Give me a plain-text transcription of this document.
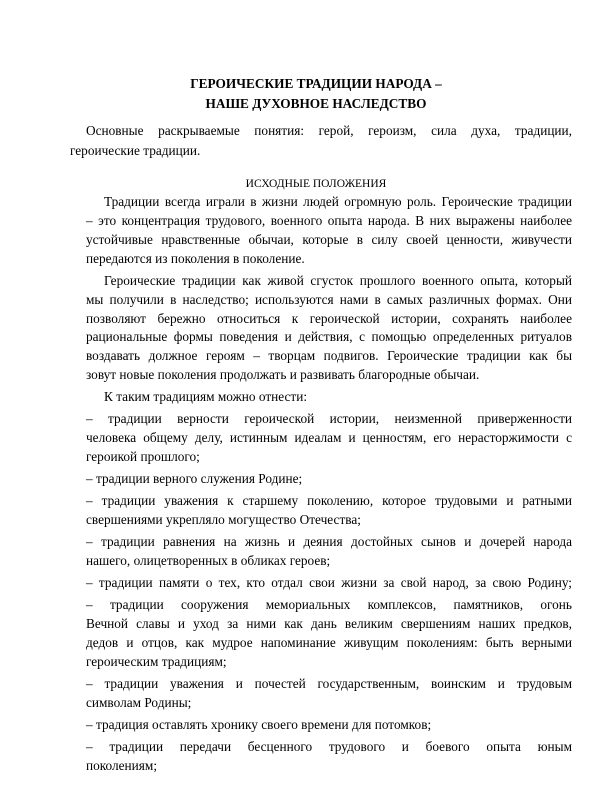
ГЕРОИЧЕСКИЕ ТРАДИЦИИ НАРОДА –
НАШЕ ДУХОВНОЕ НАСЛЕДСТВО
Основные раскрываемые понятия: герой, героизм, сила духа, традиции,
героические традиции.
ИСХОДНЫЕ ПОЛОЖЕНИЯ
Традиции всегда играли в жизни людей огромную роль. Героические традиции
– это концентрация трудового, военного опыта народа. В них выражены наиболее
устойчивые нравственные обычаи, которые в силу своей ценности, живучести
передаются из поколения в поколение.
Героические традиции как живой сгусток прошлого военного опыта, который
мы получили в наследство; используются нами в самых различных формах. Они
позволяют бережно относиться к героической истории, сохранять наиболее
рациональные формы поведения и действия, с помощью определенных ритуалов
воздавать должное героям – творцам подвигов. Героические традиции как бы
зовут новые поколения продолжать и развивать благородные обычаи.
К таким традициям можно отнести:
– традиции верности героической истории, неизменной приверженности
человека общему делу, истинным идеалам и ценностям, его нерасторжимости с
героикой прошлого;
– традиции верного служения Родине;
– традиции уважения к старшему поколению, которое трудовыми и ратными
свершениями укрепляло могущество Отечества;
– традиции равнения на жизнь и деяния достойных сынов и дочерей народа
нашего, олицетворенных в обликах героев;
– традиции памяти о тех, кто отдал свои жизни за свой народ, за свою Родину;
– традиции сооружения мемориальных комплексов, памятников, огонь
Вечной славы и уход за ними как дань великим свершениям наших предков,
дедов и отцов, как мудрое напоминание живущим поколениям: быть верными
героическим традициям;
– традиции уважения и почестей государственным, воинским и трудовым
символам Родины;
– традиция оставлять хронику своего времени для потомков;
– традиции передачи бесценного трудового и боевого опыта юным
поколениям;
